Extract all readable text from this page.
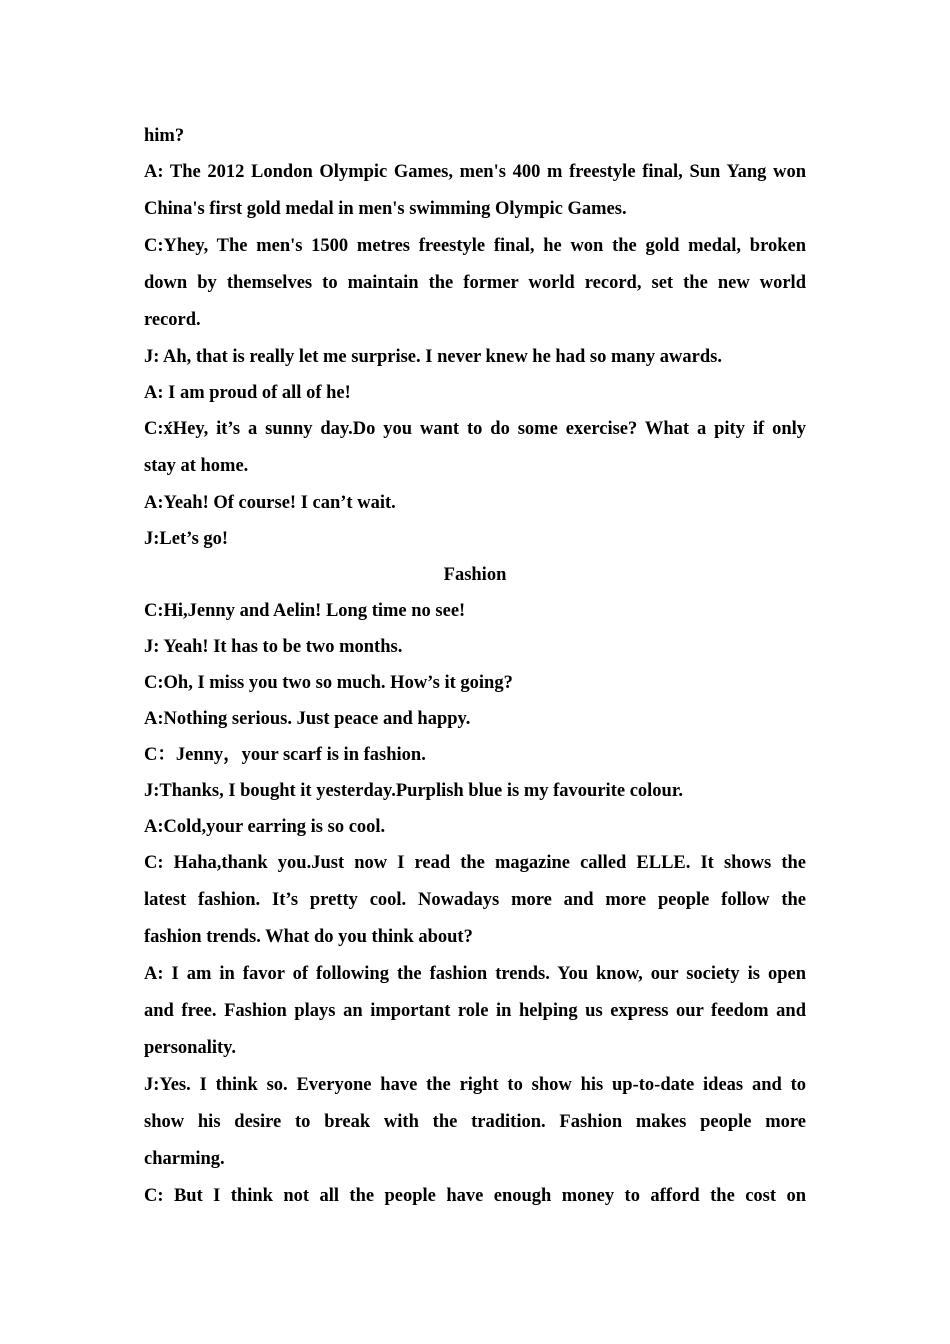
him?
A: The 2012 London Olympic Games, men's 400 m freestyle final, Sun Yang won
China's first gold medal in men's swimming Olympic Games.
C:Yhey, The men's 1500 metres freestyle final, he won the gold medal, broken
down by themselves to maintain the former world record, set the new world
record.
J: Ah, that is really let me surprise. I never knew he had so many awards.
A: I am proud of all of he!
C:x́Hey, it’s a sunny day.Do you want to do some exercise? What a pity if only
stay at home.
A:Yeah! Of course! I can’t wait.
J:Let’s go!
Fashion
C:Hi,Jenny and Aelin! Long time no see!
J: Yeah! It has to be two months.
C:Oh, I miss you two so much. How’s it going?
A:Nothing serious. Just peace and happy.
C：Jenny，your scarf is in fashion.
J:Thanks, I bought it yesterday.Purplish blue is my favourite colour.
A:Cold,your earring is so cool.
C: Haha,thank you.Just now I read the magazine called ELLE. It shows the
latest fashion. It’s pretty cool. Nowadays more and more people follow the
fashion trends. What do you think about?
A: I am in favor of following the fashion trends. You know, our society is open
and free. Fashion plays an important role in helping us express our feedom and
personality.
J:Yes. I think so. Everyone have the right to show his up-to-date ideas and to
show his desire to break with the tradition. Fashion makes people more
charming.
C: But I think not all the people have enough money to afford the cost on
